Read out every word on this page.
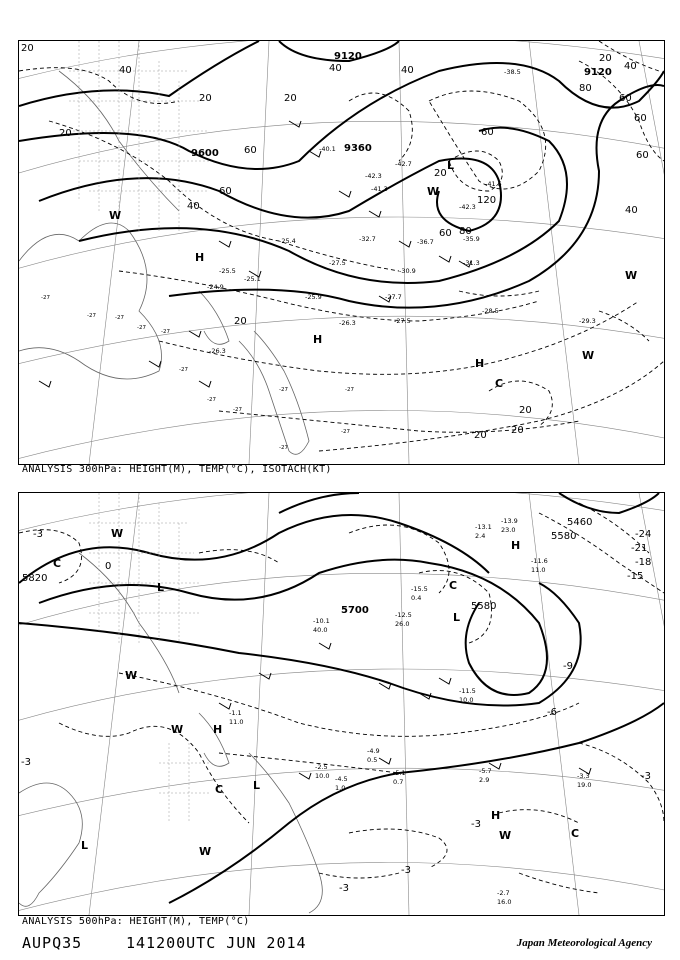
9120
9120
9360
9600
20
40	40
20
60
40
60
20	60
20
40
20
20
40
60
60 80
80
120
60
20
20
20 20
40
60
L
H
H
H
W
W
W
W
C
-29.3
-28.5
-27.5
-27.7
-26.3
-25.9
-30.9
-31.3
-35.9
-41.5
-42.3
-36.7
-32.7
-27.5
-26.3
-25.5
-25.1
-25.4
-24.9
-41.3
-40.1
-38.5
-42.7
-42.3
-27
-27	-27
-27
-27
-27
-27
-27
-27	-27
-27
-27
ANALYSIS 300hPa: HEIGHT(M), TEMP(°C), ISOTACH(KT)
5820
5700	5580
5580
5460
-3
-3
-3
-3
-3
-3
-9
-6
-15
-18
-21
-24
0
L
L
L
L
H
H
H
W
W
W
W
W
C
C
C
C
-3.3
19.0
-5.7
2.9
-5.1
0.7
-4.9
0.5
-2.7
16.0
-13.1
2.4
-13.9
23.0
-11.6
11.0
-15.5
0.4
-12.5
26.0
-10.1
40.0
-11.5
10.0
-1.1
11.0
-2.5
10.0 -4.5
1.0
ANALYSIS 500hPa: HEIGHT(M), TEMP(°C)
AUPQ35	141200UTC JUN 2014	Japan Meteorological Agency
